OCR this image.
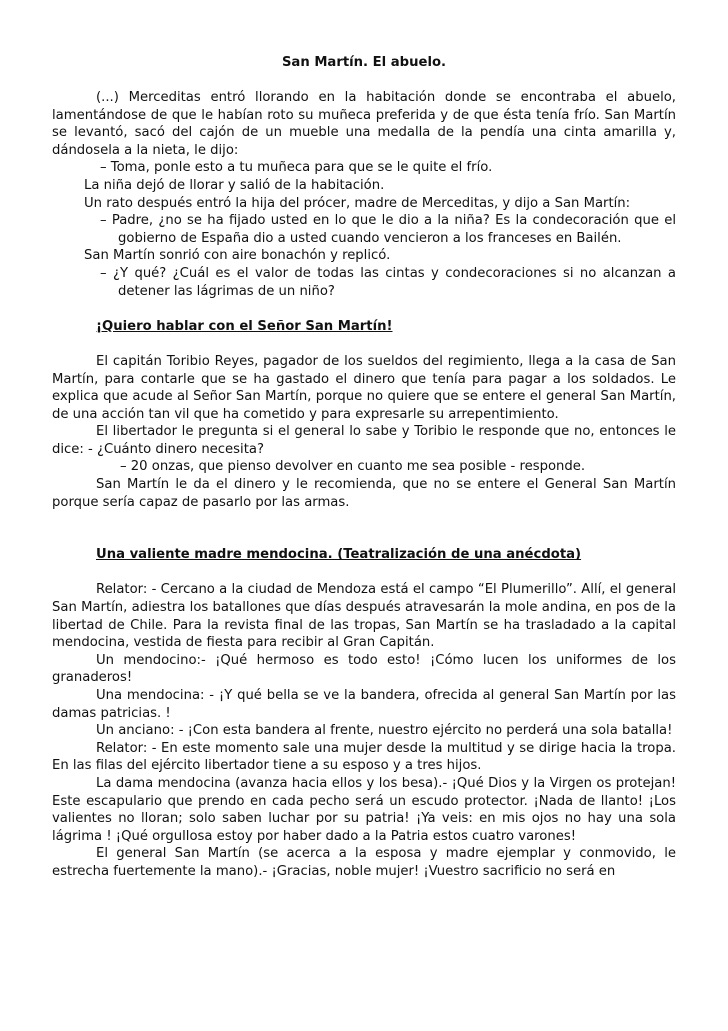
San Martín. El abuelo.

(...) Merceditas entró llorando en la habitación donde se encontraba el abuelo, lamentándose de que le habían roto su muñeca preferida y de que ésta tenía frío. San Martín se levantó, sacó del cajón de un mueble una medalla de la pendía una cinta amarilla y, dándosela a la nieta, le dijo:

– Toma, ponle esto a tu muñeca para que se le quite el frío.

La niña dejó de llorar y salió de la habitación.

Un rato después entró la hija del prócer, madre de Merceditas, y dijo a San Martín:

– Padre, ¿no se ha fijado usted en lo que le dio a la niña? Es la condecoración que el gobierno de España dio a usted cuando vencieron a los franceses en Bailén.

San Martín sonrió con aire bonachón y replicó.

– ¿Y qué? ¿Cuál es el valor de todas las cintas y condecoraciones si no alcanzan a detener las lágrimas de un niño?

¡Quiero hablar con el Señor San Martín!

El capitán Toribio Reyes, pagador de los sueldos del regimiento, llega a la casa de San Martín, para contarle que se ha gastado el dinero que tenía para pagar a los soldados. Le explica que acude al Señor San Martín, porque no quiere que se entere el general San Martín, de una acción tan vil que ha cometido y para expresarle su arrepentimiento.

El libertador le pregunta si el general lo sabe y Toribio le responde que no, entonces le dice: - ¿Cuánto dinero necesita?

– 20 onzas, que pienso devolver en cuanto me sea posible - responde.

San Martín le da el dinero y le recomienda, que no se entere el General San Martín porque sería capaz de pasarlo por las armas.

Una valiente madre mendocina. (Teatralización de una anécdota)

Relator: - Cercano a la ciudad de Mendoza está el campo “El Plumerillo”. Allí, el general San Martín, adiestra los batallones que días después atravesarán la mole andina, en pos de la libertad de Chile. Para la revista final de las tropas, San Martín se ha trasladado a la capital mendocina, vestida de fiesta para recibir al Gran Capitán.

Un mendocino:- ¡Qué hermoso es todo esto! ¡Cómo lucen los uniformes de los granaderos!

Una mendocina: - ¡Y qué bella se ve la bandera, ofrecida al general San Martín por las damas patricias. !

Un anciano: - ¡Con esta bandera al frente, nuestro ejército no perderá una sola batalla!

Relator: - En este momento sale una mujer desde la multitud y se dirige hacia la tropa. En las filas del ejército libertador tiene a su esposo y a tres hijos.

La dama mendocina (avanza hacia ellos y los besa).- ¡Qué Dios y la Virgen os protejan! Este escapulario que prendo en cada pecho será un escudo protector. ¡Nada de llanto! ¡Los valientes no lloran; solo saben luchar por su patria! ¡Ya veis: en mis ojos no hay una sola lágrima ! ¡Qué orgullosa estoy por haber dado a la Patria estos cuatro varones!

El general San Martín (se acerca a la esposa y madre ejemplar y conmovido, le estrecha fuertemente la mano).- ¡Gracias, noble mujer! ¡Vuestro sacrificio no será en
